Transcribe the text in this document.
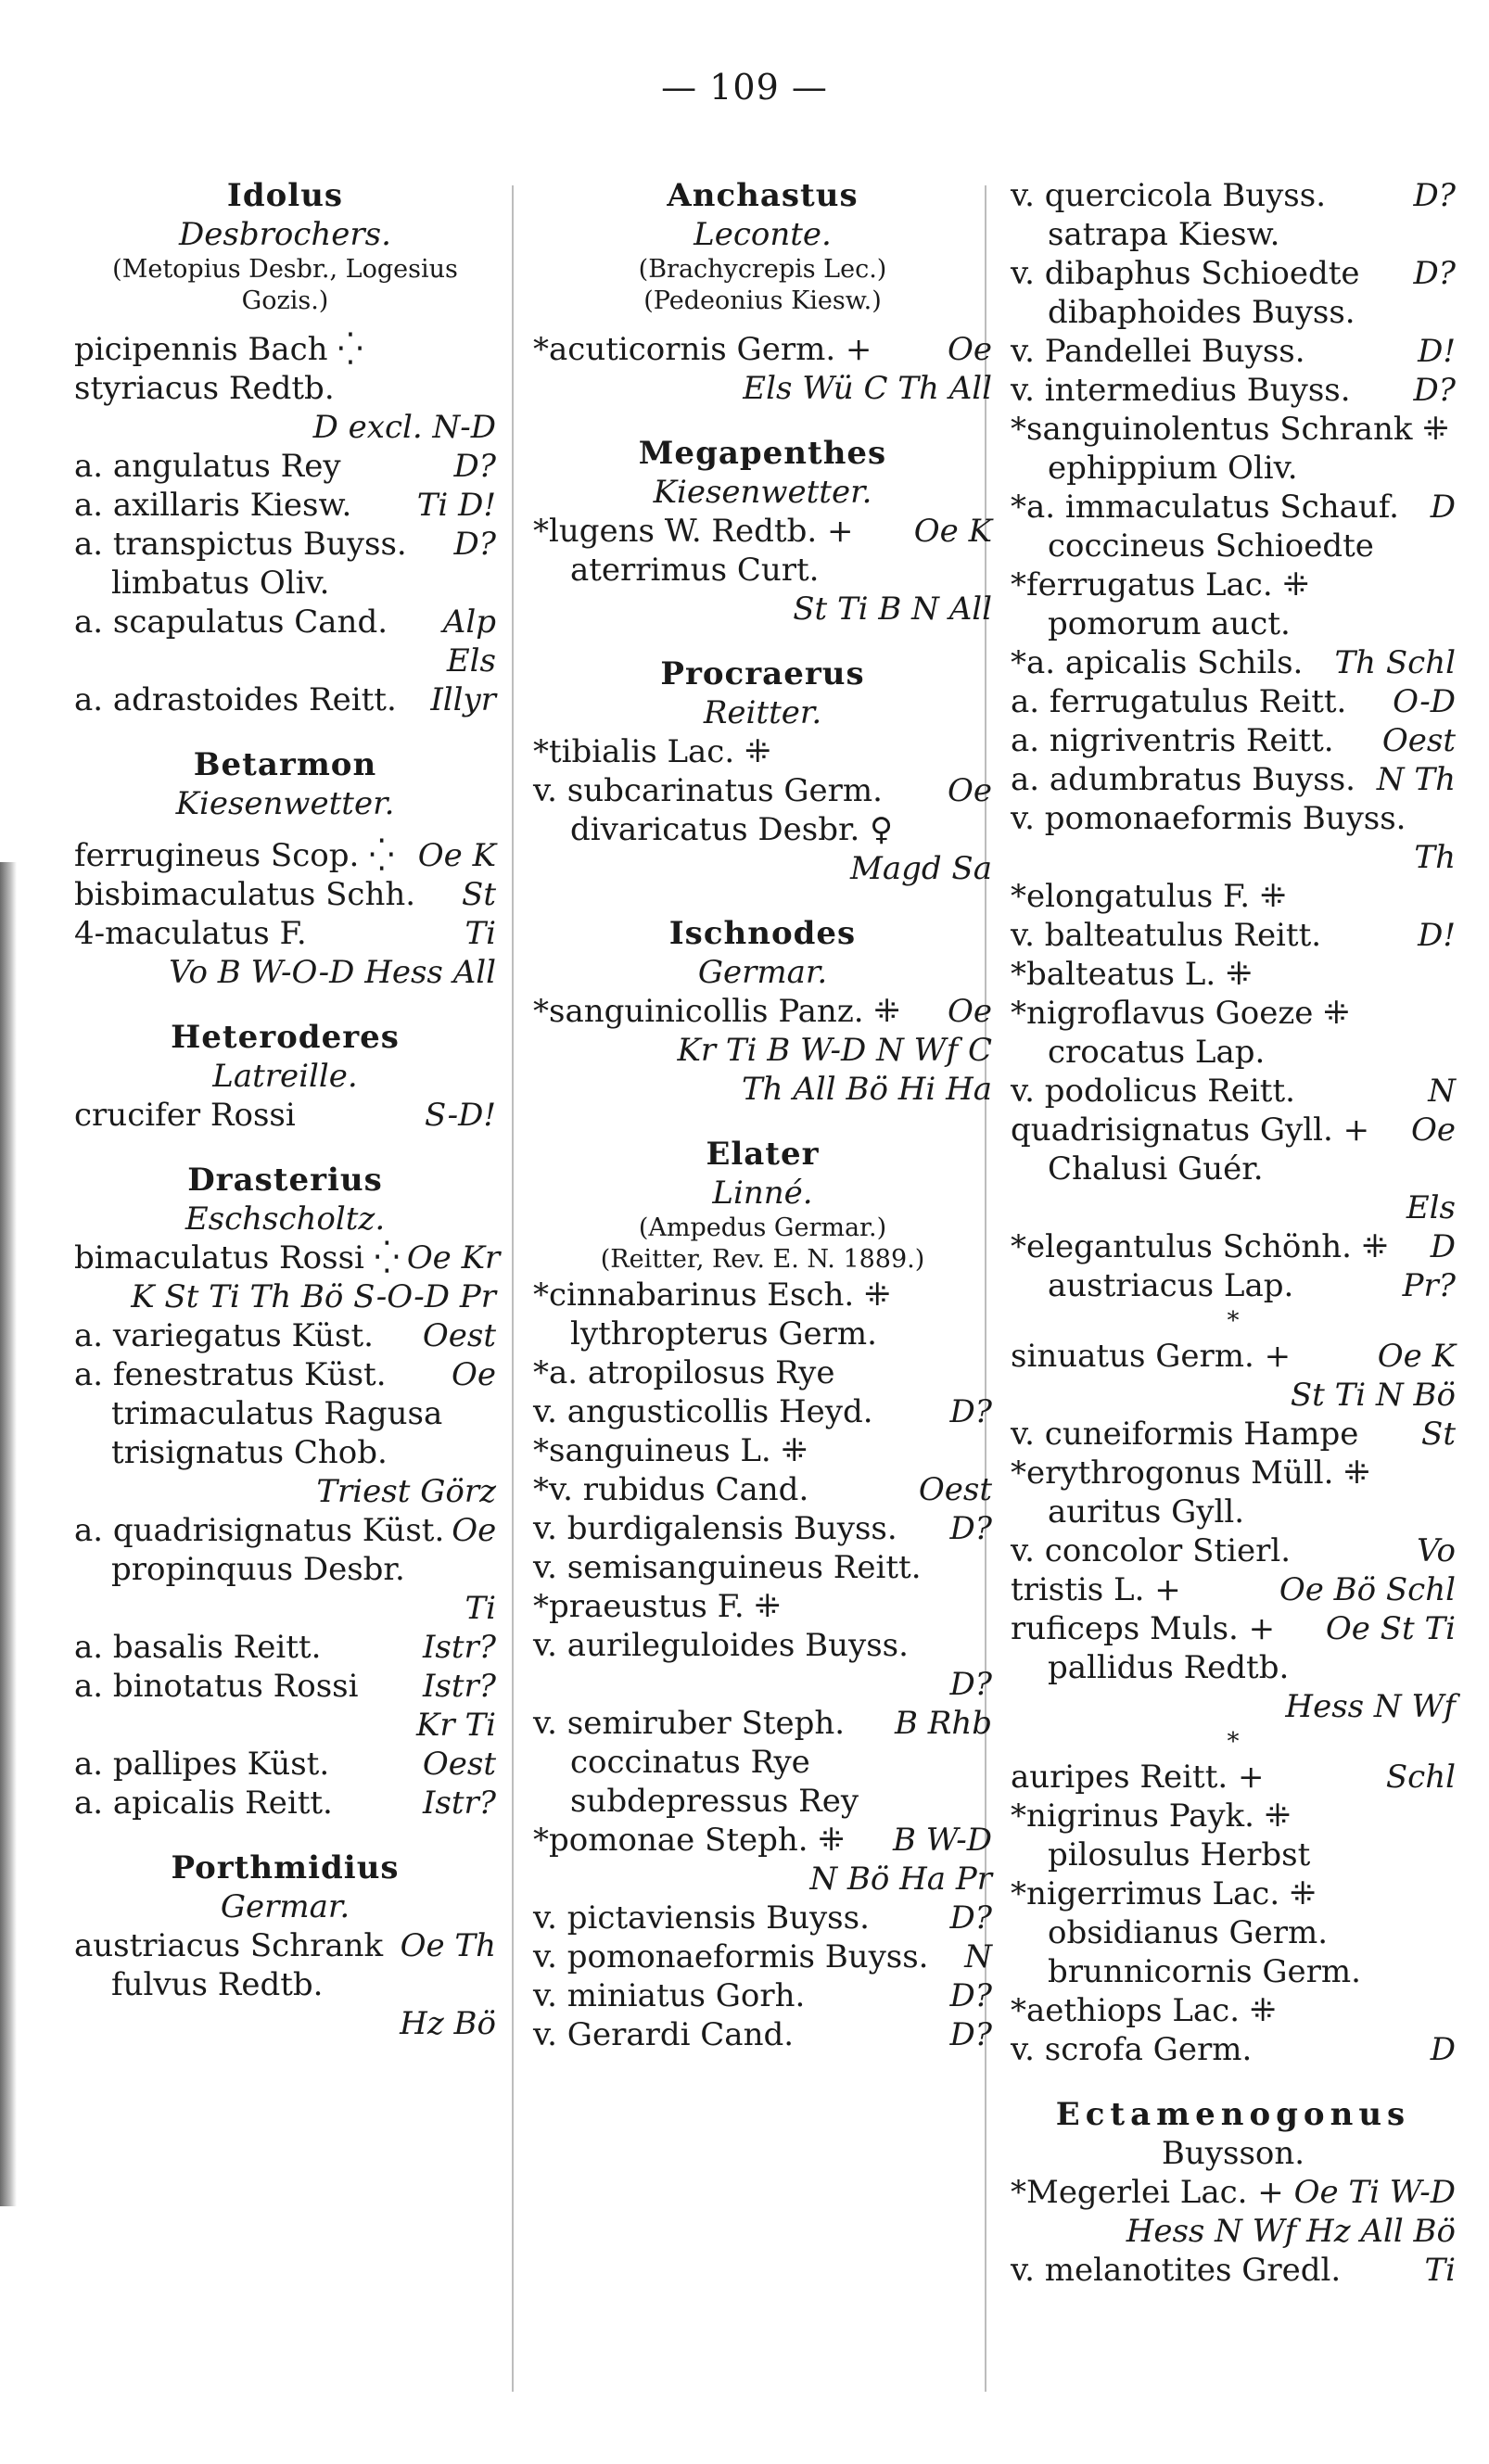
— 109 —
Idolus
Desbrochers.
(Metopius Desbr., Logesius
Gozis.)
picipennis Bach ⁛
styriacus Redtb.
D excl. N-D
a. angulatus Rey	D?
a. axillaris Kiesw. Ti D!
a. transpictus Buyss. D?
limbatus Oliv.
a. scapulatus Cand. Alp
Els
a. adrastoides Reitt. Illyr
Betarmon
Kiesenwetter.
ferrugineus Scop. ⁛ Oe K
bisbimaculatus Schh. St
4-maculatus F.	Ti
Vo B W-O-D Hess All
Heteroderes
Latreille.
crucifer Rossi	S-D!
Drasterius
Eschscholtz.
bimaculatus Rossi ⁛ Oe Kr
K St Ti Th Bö S-O-D Pr
a. variegatus Küst. Oest
a. fenestratus Küst. Oe
trimaculatus Ragusa
trisignatus Chob.
Triest Görz
a. quadrisignatus Küst. Oe
propinquus Desbr.
Ti
a. basalis Reitt.	Istr?
a. binotatus Rossi Istr?
Kr Ti
a. pallipes Küst.	Oest
a. apicalis Reitt.	Istr?
Porthmidius
Germar.
austriacus Schrank Oe Th
fulvus Redtb.
Hz Bö
Anchastus
Leconte.
(Brachycrepis Lec.)
(Pedeonius Kiesw.)
*acuticornis Germ. + Oe
Els Wü C Th All
Megapenthes
Kiesenwetter.
*lugens W. Redtb. + Oe K
aterrimus Curt.
St Ti B N All
Procraerus
Reitter.
*tibialis Lac. ⁜
v. subcarinatus Germ. Oe
divaricatus Desbr. ♀
Magd Sa
Ischnodes
Germar.
*sanguinicollis Panz. ⁜ Oe
Kr Ti B W-D N Wf C
Th All Bö Hi Ha
Elater
Linné.
(Ampedus Germar.)
(Reitter, Rev. E. N. 1889.)
*cinnabarinus Esch. ⁜
lythropterus Germ.
*a. atropilosus Rye
v. angusticollis Heyd. D?
*sanguineus L. ⁜
*v. rubidus Cand.	Oest
v. burdigalensis Buyss. D?
v. semisanguineus Reitt.
*praeustus F. ⁜
v. aurileguloides Buyss.
D?
v. semiruber Steph. B Rhb
coccinatus Rye
subdepressus Rey
*pomonae Steph. ⁜ B W-D
N Bö Ha Pr
v. pictaviensis Buyss.	D?
v. pomonaeformis Buyss. N
v. miniatus Gorh.	D?
v. Gerardi Cand.	D?
v. quercicola Buyss.	D?
satrapa Kiesw.
v. dibaphus Schioedte D?
dibaphoides Buyss.
v. Pandellei Buyss.	D!
v. intermedius Buyss. D?
*sanguinolentus Schrank ⁜
ephippium Oliv.
*a. immaculatus Schauf. D
coccineus Schioedte
*ferrugatus Lac. ⁜
pomorum auct.
*a. apicalis Schils. Th Schl
a. ferrugatulus Reitt. O-D
a. nigriventris Reitt. Oest
a. adumbratus Buyss. N Th
v. pomonaeformis Buyss.
Th
*elongatulus F. ⁜
v. balteatulus Reitt.	D!
*balteatus L. ⁜
*nigroflavus Goeze ⁜
crocatus Lap.
v. podolicus Reitt.	N
quadrisignatus Gyll. + Oe
Chalusi Guér.
Els
*elegantulus Schönh. ⁜ D
austriacus Lap.	Pr?
*
sinuatus Germ. +	Oe K
St Ti N Bö
v. cuneiformis Hampe St
*erythrogonus Müll. ⁜
auritus Gyll.
v. concolor Stierl.	Vo
tristis L. +	Oe Bö Schl
ruficeps Muls. + Oe St Ti
pallidus Redtb.
Hess N Wf
*
auripes Reitt. +	Schl
*nigrinus Payk. ⁜
pilosulus Herbst
*nigerrimus Lac. ⁜
obsidianus Germ.
brunnicornis Germ.
*aethiops Lac. ⁜
v. scrofa Germ.	D
Ectamenogonus
Buysson.
*Megerlei Lac. + Oe Ti W-D
Hess N Wf Hz All Bö
v. melanotites Gredl.	Ti
